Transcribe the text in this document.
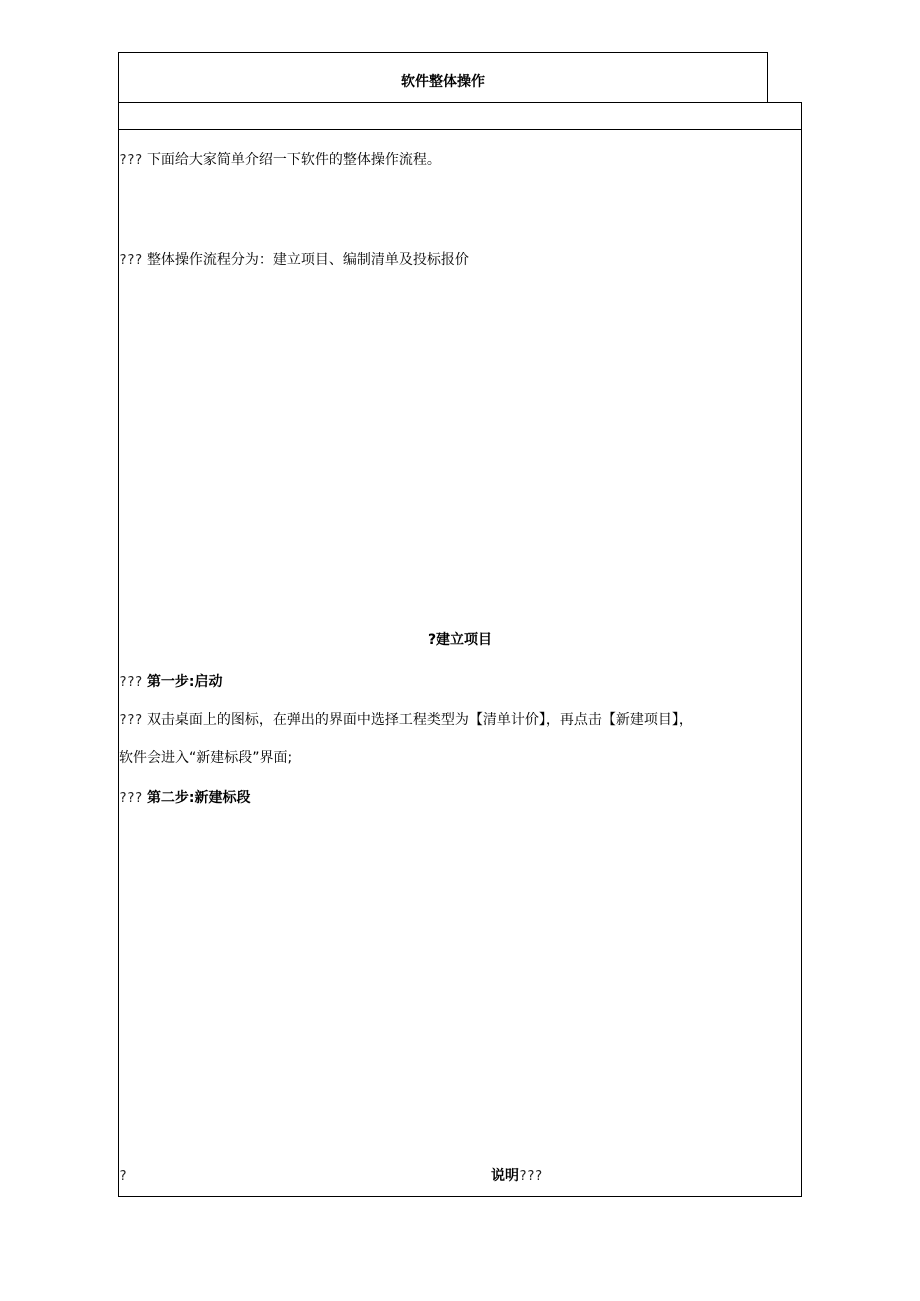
软件整体操作
??? 下面给大家简单介绍一下软件的整体操作流程。
??? 整体操作流程分为：建立项目、编制清单及投标报价
?建立项目
??? 第一步:启动
??? 双击桌面上的图标，在弹出的界面中选择工程类型为【清单计价】，再点击【新建项目】，
软件会进入“新建标段”界面;
??? 第二步:新建标段
?	说明???
